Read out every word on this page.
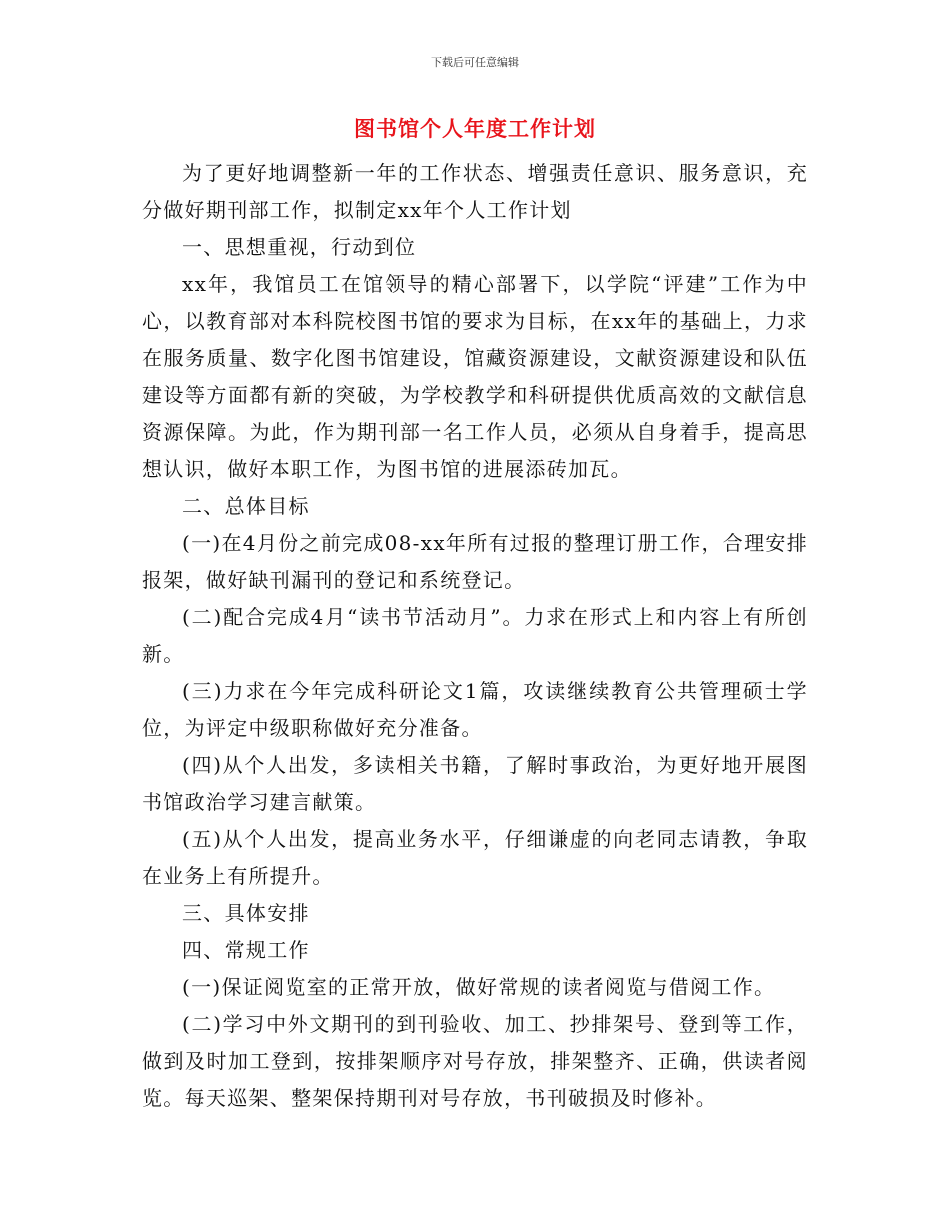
下载后可任意编辑
图书馆个人年度工作计划

为了更好地调整新一年的工作状态、增强责任意识、服务意识，充分做好期刊部工作，拟制定xx年个人工作计划

一、思想重视，行动到位

xx年，我馆员工在馆领导的精心部署下，以学院“评建”工作为中心，以教育部对本科院校图书馆的要求为目标，在xx年的基础上，力求在服务质量、数字化图书馆建设，馆藏资源建设，文献资源建设和队伍建设等方面都有新的突破，为学校教学和科研提供优质高效的文献信息资源保障。为此，作为期刊部一名工作人员，必须从自身着手，提高思想认识，做好本职工作，为图书馆的进展添砖加瓦。

二、总体目标

(一)在4月份之前完成08-xx年所有过报的整理订册工作，合理安排报架，做好缺刊漏刊的登记和系统登记。

(二)配合完成4月“读书节活动月”。力求在形式上和内容上有所创新。

(三)力求在今年完成科研论文1篇，攻读继续教育公共管理硕士学位，为评定中级职称做好充分准备。

(四)从个人出发，多读相关书籍，了解时事政治，为更好地开展图书馆政治学习建言献策。

(五)从个人出发，提高业务水平，仔细谦虚的向老同志请教，争取在业务上有所提升。

三、具体安排

四、常规工作

(一)保证阅览室的正常开放，做好常规的读者阅览与借阅工作。

(二)学习中外文期刊的到刊验收、加工、抄排架号、登到等工作，做到及时加工登到，按排架顺序对号存放，排架整齐、正确，供读者阅览。每天巡架、整架保持期刊对号存放，书刊破损及时修补。
